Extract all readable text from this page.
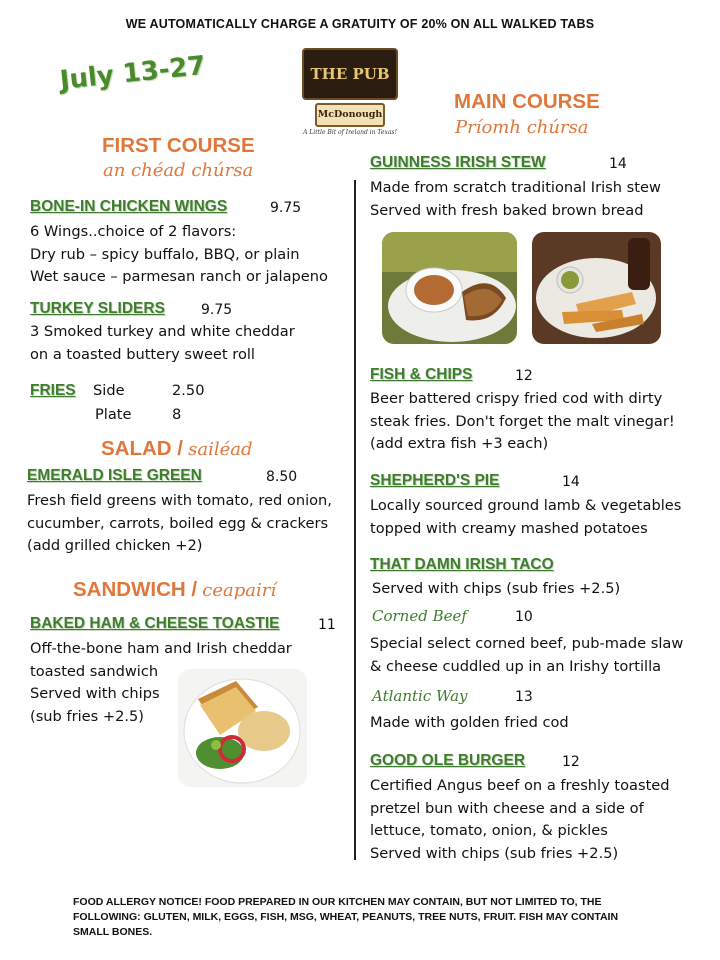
WE AUTOMATICALLY CHARGE A GRATUITY OF 20% ON ALL WALKED TABS
July 13-27	THE PUB
McDonough
A Little Bit of Ireland in Texas!
FIRST COURSE
an chéad chúrsa
BONE-IN CHICKEN WINGS	9.75
6 Wings..choice of 2 flavors:
Dry rub – spicy buffalo, BBQ, or plain
Wet sauce – parmesan ranch or jalapeno
TURKEY SLIDERS	9.75
3 Smoked turkey and white cheddar
on a toasted buttery sweet roll
FRIES Side	2.50
Plate	8
SALAD / sailéad
EMERALD ISLE GREEN	8.50
Fresh field greens with tomato, red onion,
cucumber, carrots, boiled egg & crackers
(add grilled chicken +2)
SANDWICH / ceapairí
BAKED HAM & CHEESE TOASTIE	11
Off-the-bone ham and Irish cheddar
toasted sandwich
Served with chips
(sub fries +2.5)
MAIN COURSE
Príomh chúrsa
GUINNESS IRISH STEW	14
Made from scratch traditional Irish stew
Served with fresh baked brown bread
FISH & CHIPS	12
Beer battered crispy fried cod with dirty
steak fries. Don't forget the malt vinegar!
(add extra fish +3 each)
SHEPHERD'S PIE	14
Locally sourced ground lamb & vegetables
topped with creamy mashed potatoes
THAT DAMN IRISH TACO
Served with chips (sub fries +2.5)
Corned Beef	10
Special select corned beef, pub-made slaw
& cheese cuddled up in an Irishy tortilla
Atlantic Way	13
Made with golden fried cod
GOOD OLE BURGER	12
Certified Angus beef on a freshly toasted
pretzel bun with cheese and a side of
lettuce, tomato, onion, & pickles
Served with chips (sub fries +2.5)
FOOD ALLERGY NOTICE! FOOD PREPARED IN OUR KITCHEN MAY CONTAIN, BUT NOT LIMITED TO, THE FOLLOWING: GLUTEN, MILK, EGGS, FISH, MSG, WHEAT, PEANUTS, TREE NUTS, FRUIT. FISH MAY CONTAIN SMALL BONES.
